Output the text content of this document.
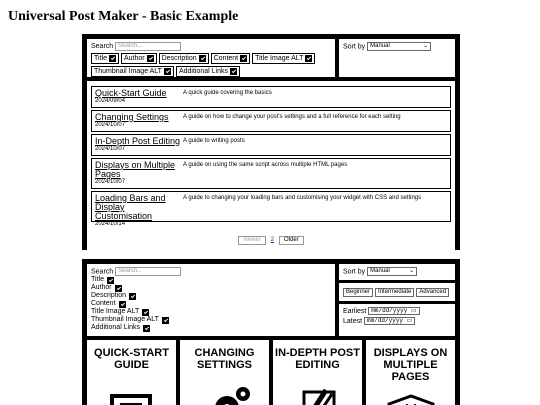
Universal Post Maker - Basic Example
Search Search...
Title Author Description Content Title Image ALT
Thumbnail Image ALT Additional Links
Sort by Manual	⌄
Quick-Start Guide
2024/09/04
A quick guide covering the basics
Changing Settings
2024/10/07
A guide on how to change your post's settings and a full reference for each setting
In-Depth Post Editing
2024/10/07
A guide to writing posts
Displays on Multiple Pages
2024/10/07
A guide on using the same script across multiple HTML pages
Loading Bars and Display Customisation
2024/10/14
A guide to changing your loading bars and customising your widget with CSS and settings
Newer	2	Older
Search Search...
Title
Author
Description
Content
Title Image ALT
Thumbnail Image ALT
Additional Links
Sort by Manual	⌄
Beginner	Intermediate	Advanced
Earliest mm/dd/yyyy ▭
Latest mm/dd/yyyy ▭
QUICK-START GUIDE
CHANGING SETTINGS
IN-DEPTH POST EDITING
DISPLAYS ON MULTIPLE PAGES
